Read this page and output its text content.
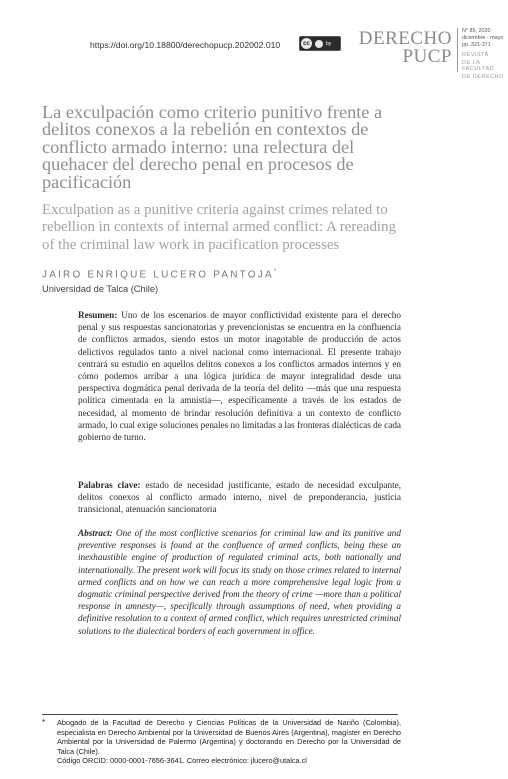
https://doi.org/10.18800/derechopucp.202002.010	cc	by	DERECHO
PUCP
N° 85, 2020
diciembre - mayo
pp. 321-371
REVISTA
DE LA FACULTAD
DE DERECHO
La exculpación como criterio punitivo frente a delitos conexos a la rebelión en contextos de conflicto armado interno: una relectura del quehacer del derecho penal en procesos de pacificación
Exculpation as a punitive criteria against crimes related to rebellion in contexts of internal armed conflict: A rereading of the criminal law work in pacification processes
JAIRO ENRIQUE LUCERO PANTOJA*
Universidad de Talca (Chile)
Resumen: Uno de los escenarios de mayor conflictividad existente para el derecho penal y sus respuestas sancionatorias y prevencionistas se encuentra en la confluencia de conflictos armados, siendo estos un motor inagotable de producción de actos delictivos regulados tanto a nivel nacional como internacional. El presente trabajo centrará su estudio en aquellos delitos conexos a los conflictos armados internos y en cómo podemos arribar a una lógica jurídica de mayor integralidad desde una perspectiva dogmática penal derivada de la teoría del delito —más que una respuesta política cimentada en la amnistía—, específicamente a través de los estados de necesidad, al momento de brindar resolución definitiva a un contexto de conflicto armado, lo cual exige soluciones penales no limitadas a las fronteras dialécticas de cada gobierno de turno.
Palabras clave: estado de necesidad justificante, estado de necesidad exculpante, delitos conexos al conflicto armado interno, nivel de preponderancia, justicia transicional, atenuación sancionatoria
Abstract: One of the most conflictive scenarios for criminal law and its punitive and preventive responses is found at the confluence of armed conflicts, being these an inexhaustible engine of production of regulated criminal acts, both nationally and internationally. The present work will focus its study on those crimes related to internal armed conflicts and on how we can reach a more comprehensive legal logic from a dogmatic criminal perspective derived from the theory of crime —more than a political response in amnesty—, specifically through assumptions of need, when providing a definitive resolution to a context of armed conflict, which requires unrestricted criminal solutions to the dialectical borders of each government in office.
* Abogado de la Facultad de Derecho y Ciencias Políticas de la Universidad de Nariño (Colombia), especialista en Derecho Ambiental por la Universidad de Buenos Aires (Argentina), magíster en Derecho Ambiental por la Universidad de Palermo (Argentina) y doctorando en Derecho por la Universidad de Talca (Chile).
Código ORCID: 0000-0001-7656-3641. Correo electrónico: jlucero@utalca.cl
